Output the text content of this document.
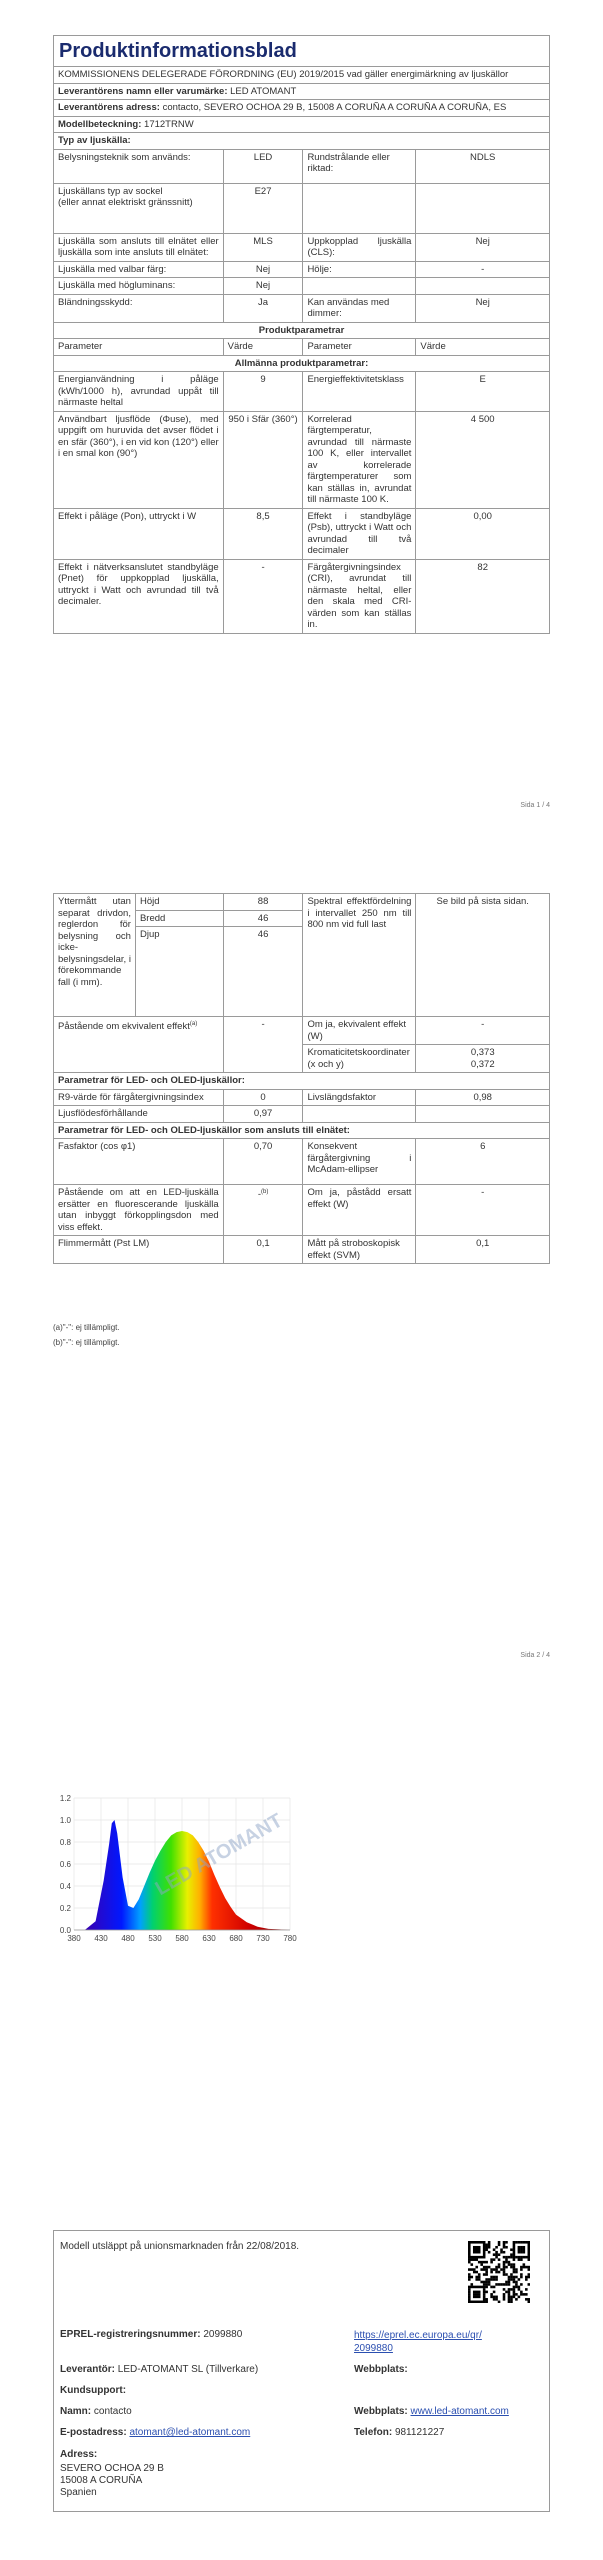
Produktinformationsblad			
KOMMISSIONENS DELEGERADE FÖRORDNING (EU) 2019/2015 vad gäller energimärkning av ljuskällor			
Leverantörens namn eller varumärke: LED ATOMANT			
Leverantörens adress: contacto, SEVERO OCHOA 29 B, 15008 A CORUÑA A CORUÑA A CORUÑA, ES			
Modellbeteckning: 1712TRNW			
Typ av ljuskälla:			
Belysningsteknik som används:	LED	Rundstrålande eller riktad:	NDLS
Ljuskällans typ av sockel
(eller annat elektriskt gränssnitt)	E27		
Ljuskälla som ansluts till elnätet eller ljuskälla som inte ansluts till elnätet:	MLS	Uppkopplad ljuskälla (CLS):	Nej
Ljuskälla med valbar färg:	Nej	Hölje:	-
Ljuskälla med högluminans:	Nej		
Bländningsskydd:	Ja	Kan användas med dimmer:	Nej
Produktparametrar			
Parameter	Värde	Parameter	Värde
Allmänna produktparametrar:			
Energianvändning i påläge (kWh/1000 h), avrundad uppåt till närmaste heltal	9	Energieffektivitetsklass	E
Användbart ljusflöde (Φuse), med uppgift om huruvida det avser flödet i en sfär (360°), i en vid kon (120°) eller i en smal kon (90°)	950 i Sfär (360°)	Korrelerad färgtemperatur, avrundad till närmaste 100 K, eller intervallet av korrelerade färgtemperaturer som kan ställas in, avrundat till närmaste 100 K.	4 500
Effekt i påläge (Pon), uttryckt i W	8,5	Effekt i standbyläge (Psb), uttryckt i Watt och avrundad till två decimaler	0,00
Effekt i nätverksanslutet standbyläge (Pnet) för uppkopplad ljuskälla, uttryckt i Watt och avrundad till två decimaler.	-	Färgåtergivningsindex (CRI), avrundat till närmaste heltal, eller den skala med CRI-värden som kan ställas in.	82
Sida 1 / 4
Yttermått utan separat drivdon, reglerdon för belysning och icke-belysningsdelar, i förekommande fall (i mm).	Höjd	88	Spektral effektfördelning i intervallet 250 nm till 800 nm vid full last	Se bild på sista sidan.
	Bredd	46		
	Djup	46		
Påstående om ekvivalent effekt$^{(a)}$		-	Om ja, ekvivalent effekt (W)	-
			Kromaticitetskoordinater (x och y)	0,373
0,372

Parametrar för LED- och OLED-ljuskällor:				
R9-värde för färgåtergivningsindex		0	Livslängdsfaktor	0,98
Ljusflödesförhållande		0,97		
Parametrar för LED- och OLED-ljuskällor som ansluts till elnätet:				
Fasfaktor (cos φ1)		0,70	Konsekvent färgåtergivning i McAdam-ellipser	6
Påstående om att en LED-ljuskälla ersätter en fluorescerande ljuskälla utan inbyggt förkopplingsdon med viss effekt.		-$^{(b)}$	Om ja, påstådd ersatt effekt (W)	-
Flimmermått (Pst LM)		0,1	Mått på stroboskopisk effekt (SVM)	0,1
(a)"-": ej tillämpligt.
(b)"-": ej tillämpligt.
Sida 2 / 4
LED ATOMANT
0.0
0.2
0.4
0.6
0.8
1.0
1.2
380 430 480 530 580 630 680 730 780
Modell utsläppt på unionsmarknaden från 22/08/2018.
EPREL-registreringsnummer: 2099880	https://eprel.ec.europa.eu/qr/2099880
Leverantör: LED-ATOMANT SL (Tillverkare)	Webbplats:
Kundsupport:
Namn: contacto	Webbplats: www.led-atomant.com
E-postadress: atomant@led-atomant.com	Telefon: 981121227
Adress:
SEVERO OCHOA 29 B
15008 A CORUÑA
Spanien
